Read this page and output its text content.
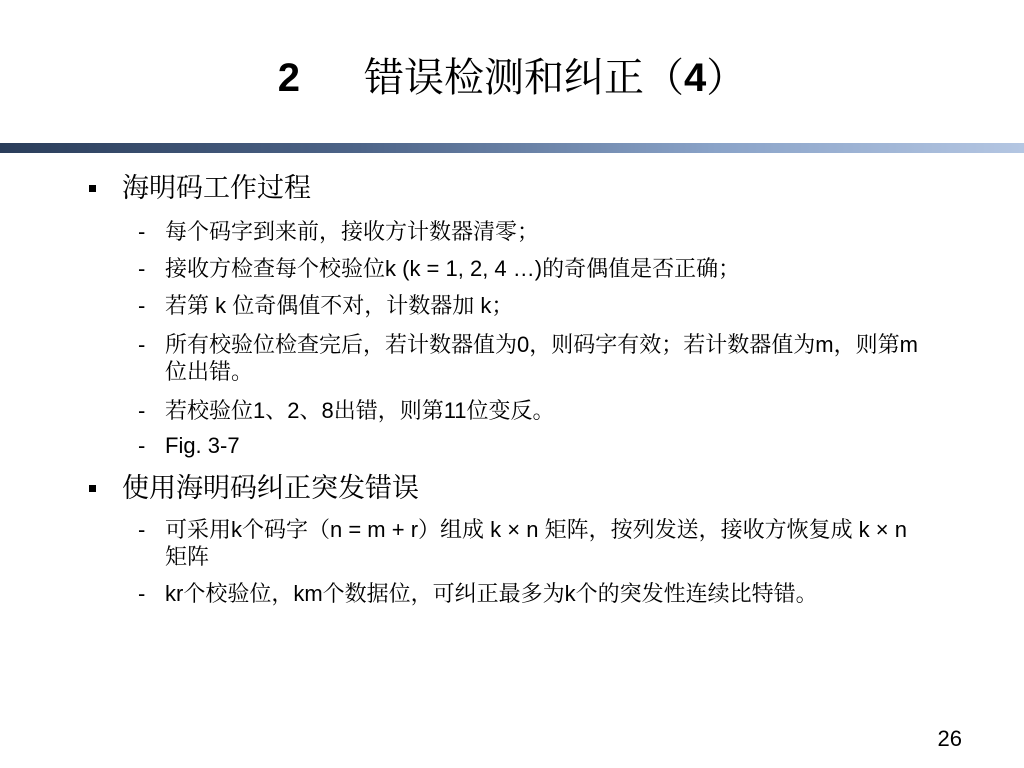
2 错误检测和纠正（4）
海明码工作过程
- 每个码字到来前，接收方计数器清零；
- 接收方检查每个校验位k (k = 1, 2, 4 …)的奇偶值是否正确；
- 若第 k 位奇偶值不对，计数器加 k；
- 所有校验位检查完后，若计数器值为0，则码字有效；若计数器值为m，则第m位出错。
- 若校验位1、2、8出错，则第11位变反。
- Fig. 3-7
使用海明码纠正突发错误
- 可采用k个码字（n = m + r）组成 k × n 矩阵，按列发送，接收方恢复成 k × n 矩阵
- kr个校验位，km个数据位，可纠正最多为k个的突发性连续比特错。
26
